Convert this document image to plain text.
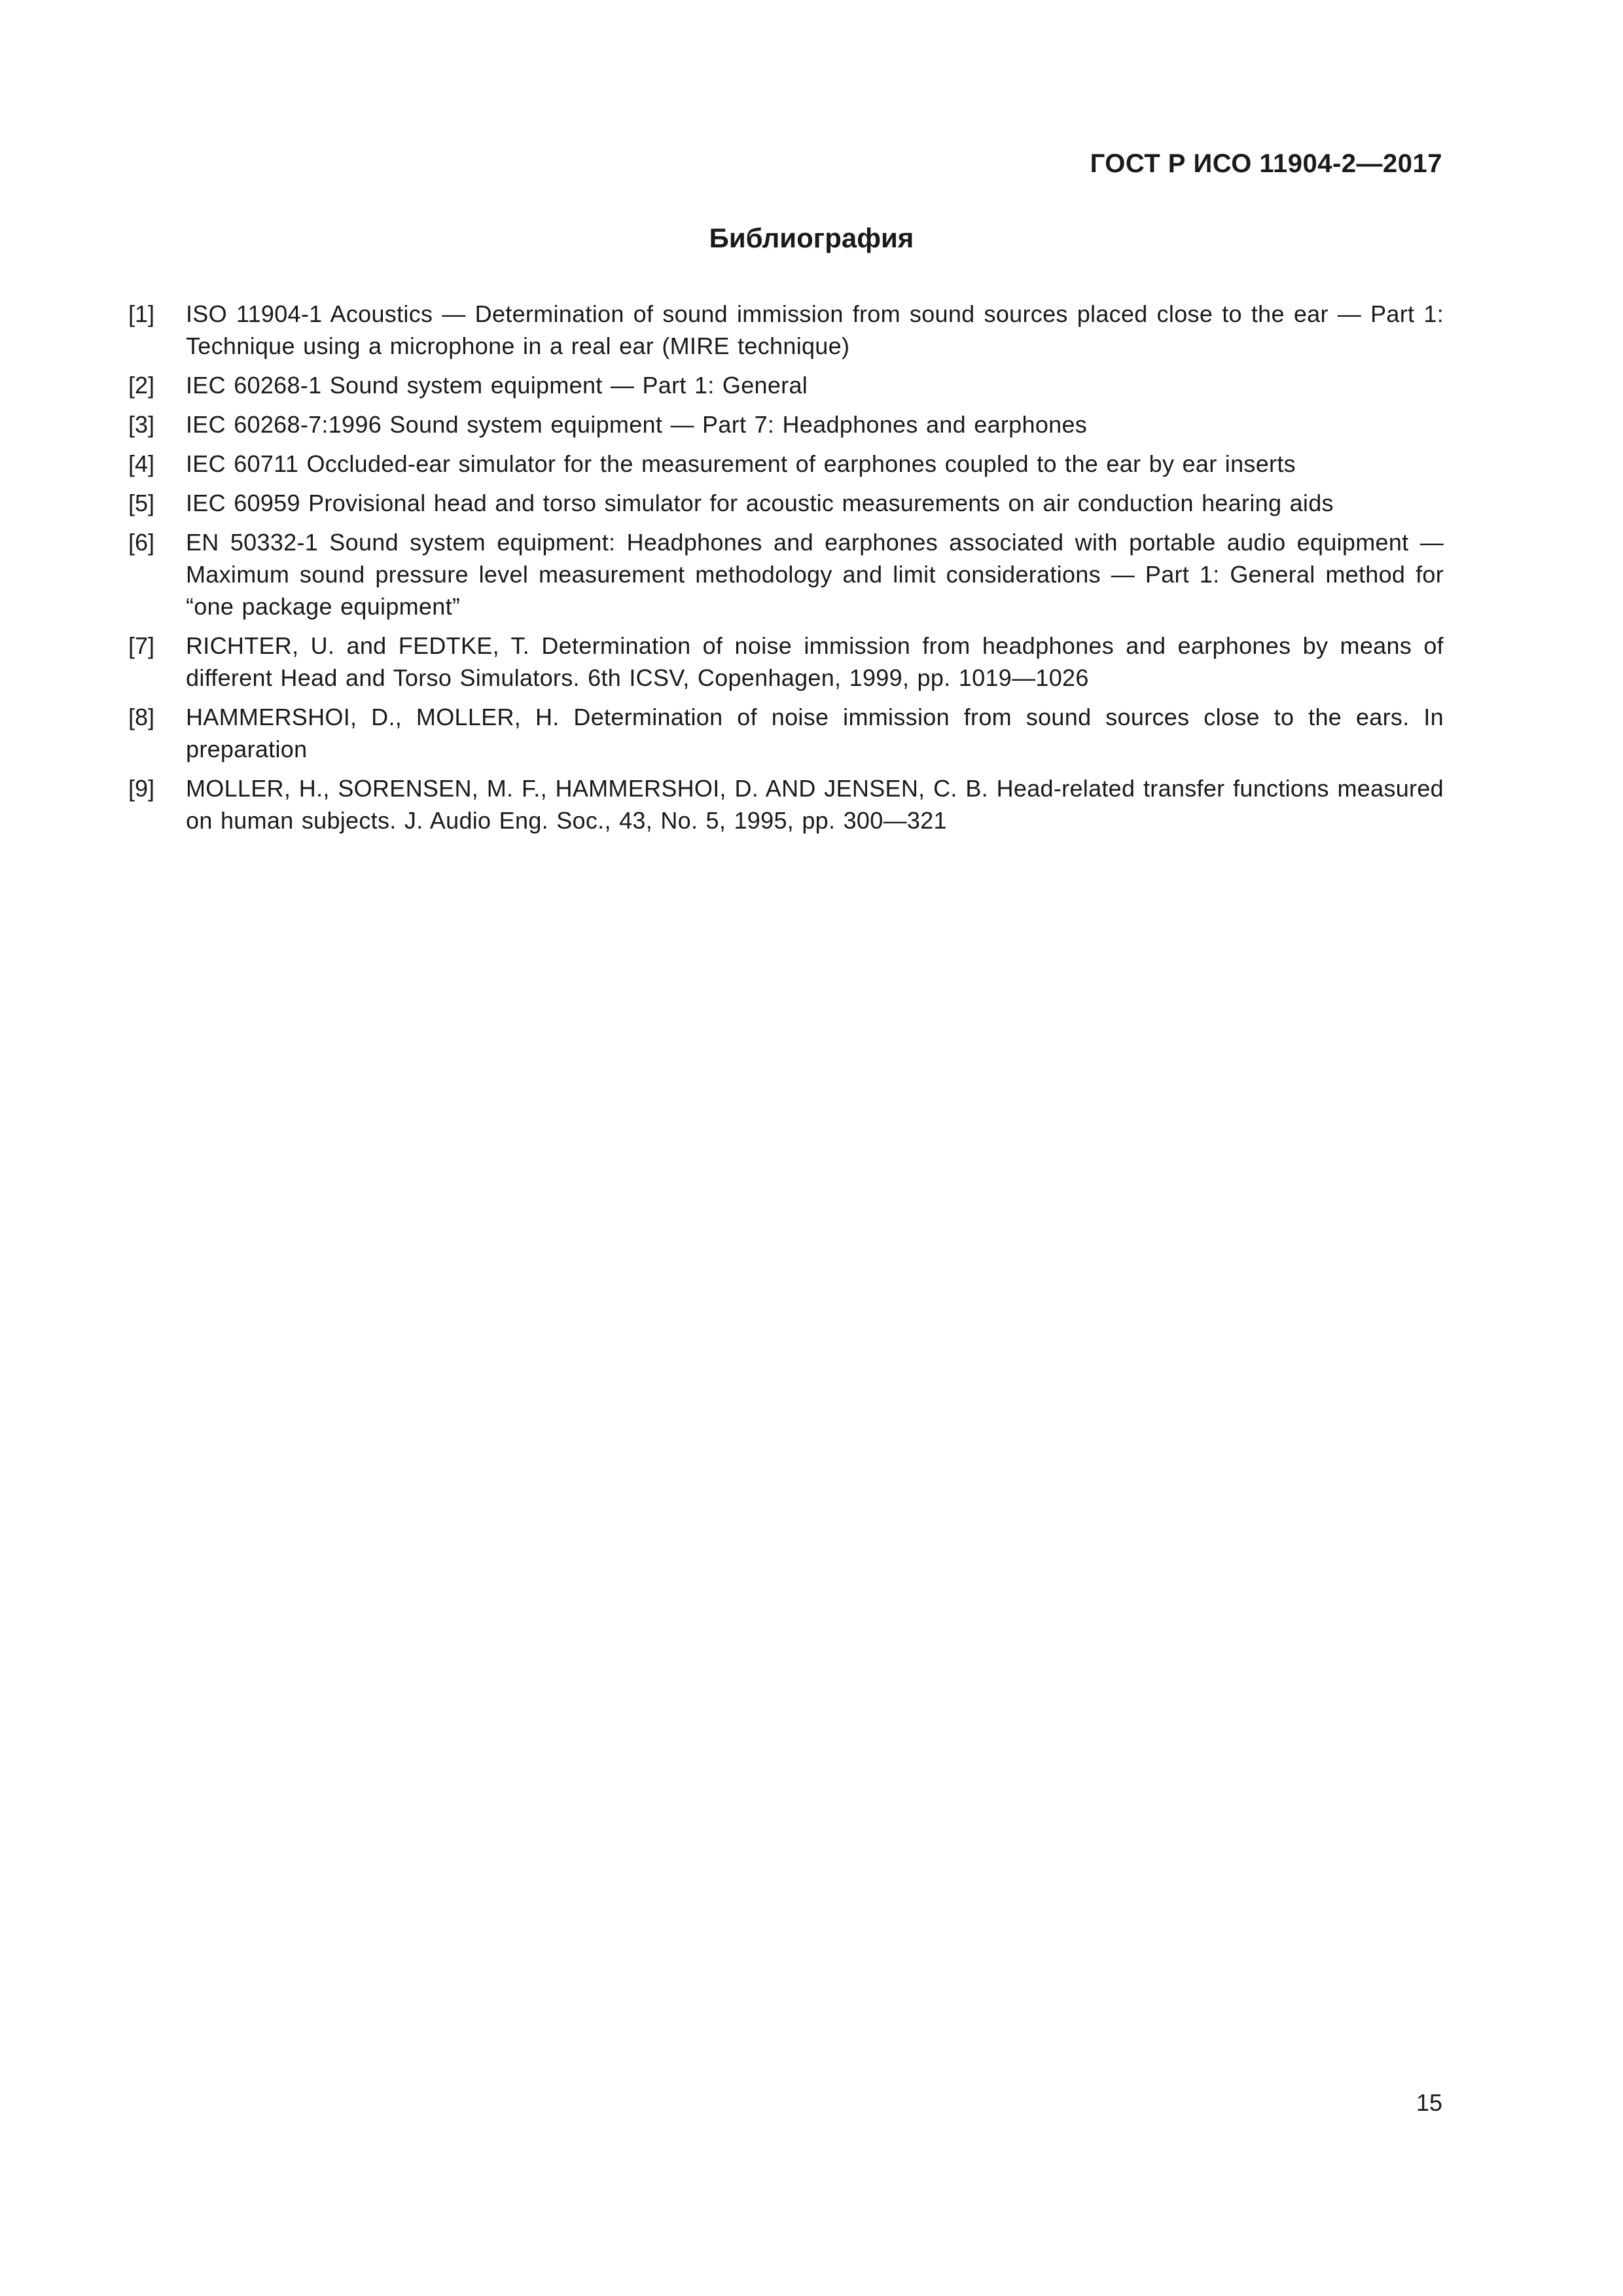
ГОСТ Р ИСО 11904-2—2017
Библиография
[1]	ISO 11904-1 Acoustics — Determination of sound immission from sound sources placed close to the ear — Part 1: Technique using a microphone in a real ear (MIRE technique)
[2]	IEC 60268-1 Sound system equipment — Part 1: General
[3]	IEC 60268-7:1996 Sound system equipment — Part 7: Headphones and earphones
[4]	IEC 60711 Occluded-ear simulator for the measurement of earphones coupled to the ear by ear inserts
[5]	IEC 60959 Provisional head and torso simulator for acoustic measurements on air conduction hearing aids
[6]	EN 50332-1 Sound system equipment: Headphones and earphones associated with portable audio equipment — Maximum sound pressure level measurement methodology and limit considerations — Part 1: General method for “one package equipment”
[7]	RICHTER, U. and FEDTKE, T. Determination of noise immission from headphones and earphones by means of different Head and Torso Simulators. 6th ICSV, Copenhagen, 1999, pp. 1019—1026
[8]	HAMMERSHOI, D., MOLLER, H. Determination of noise immission from sound sources close to the ears. In preparation
[9]	MOLLER, H., SORENSEN, M. F., HAMMERSHOI, D. AND JENSEN, C. B. Head-related transfer functions measured on human subjects. J. Audio Eng. Soc., 43, No. 5, 1995, pp. 300—321
15
